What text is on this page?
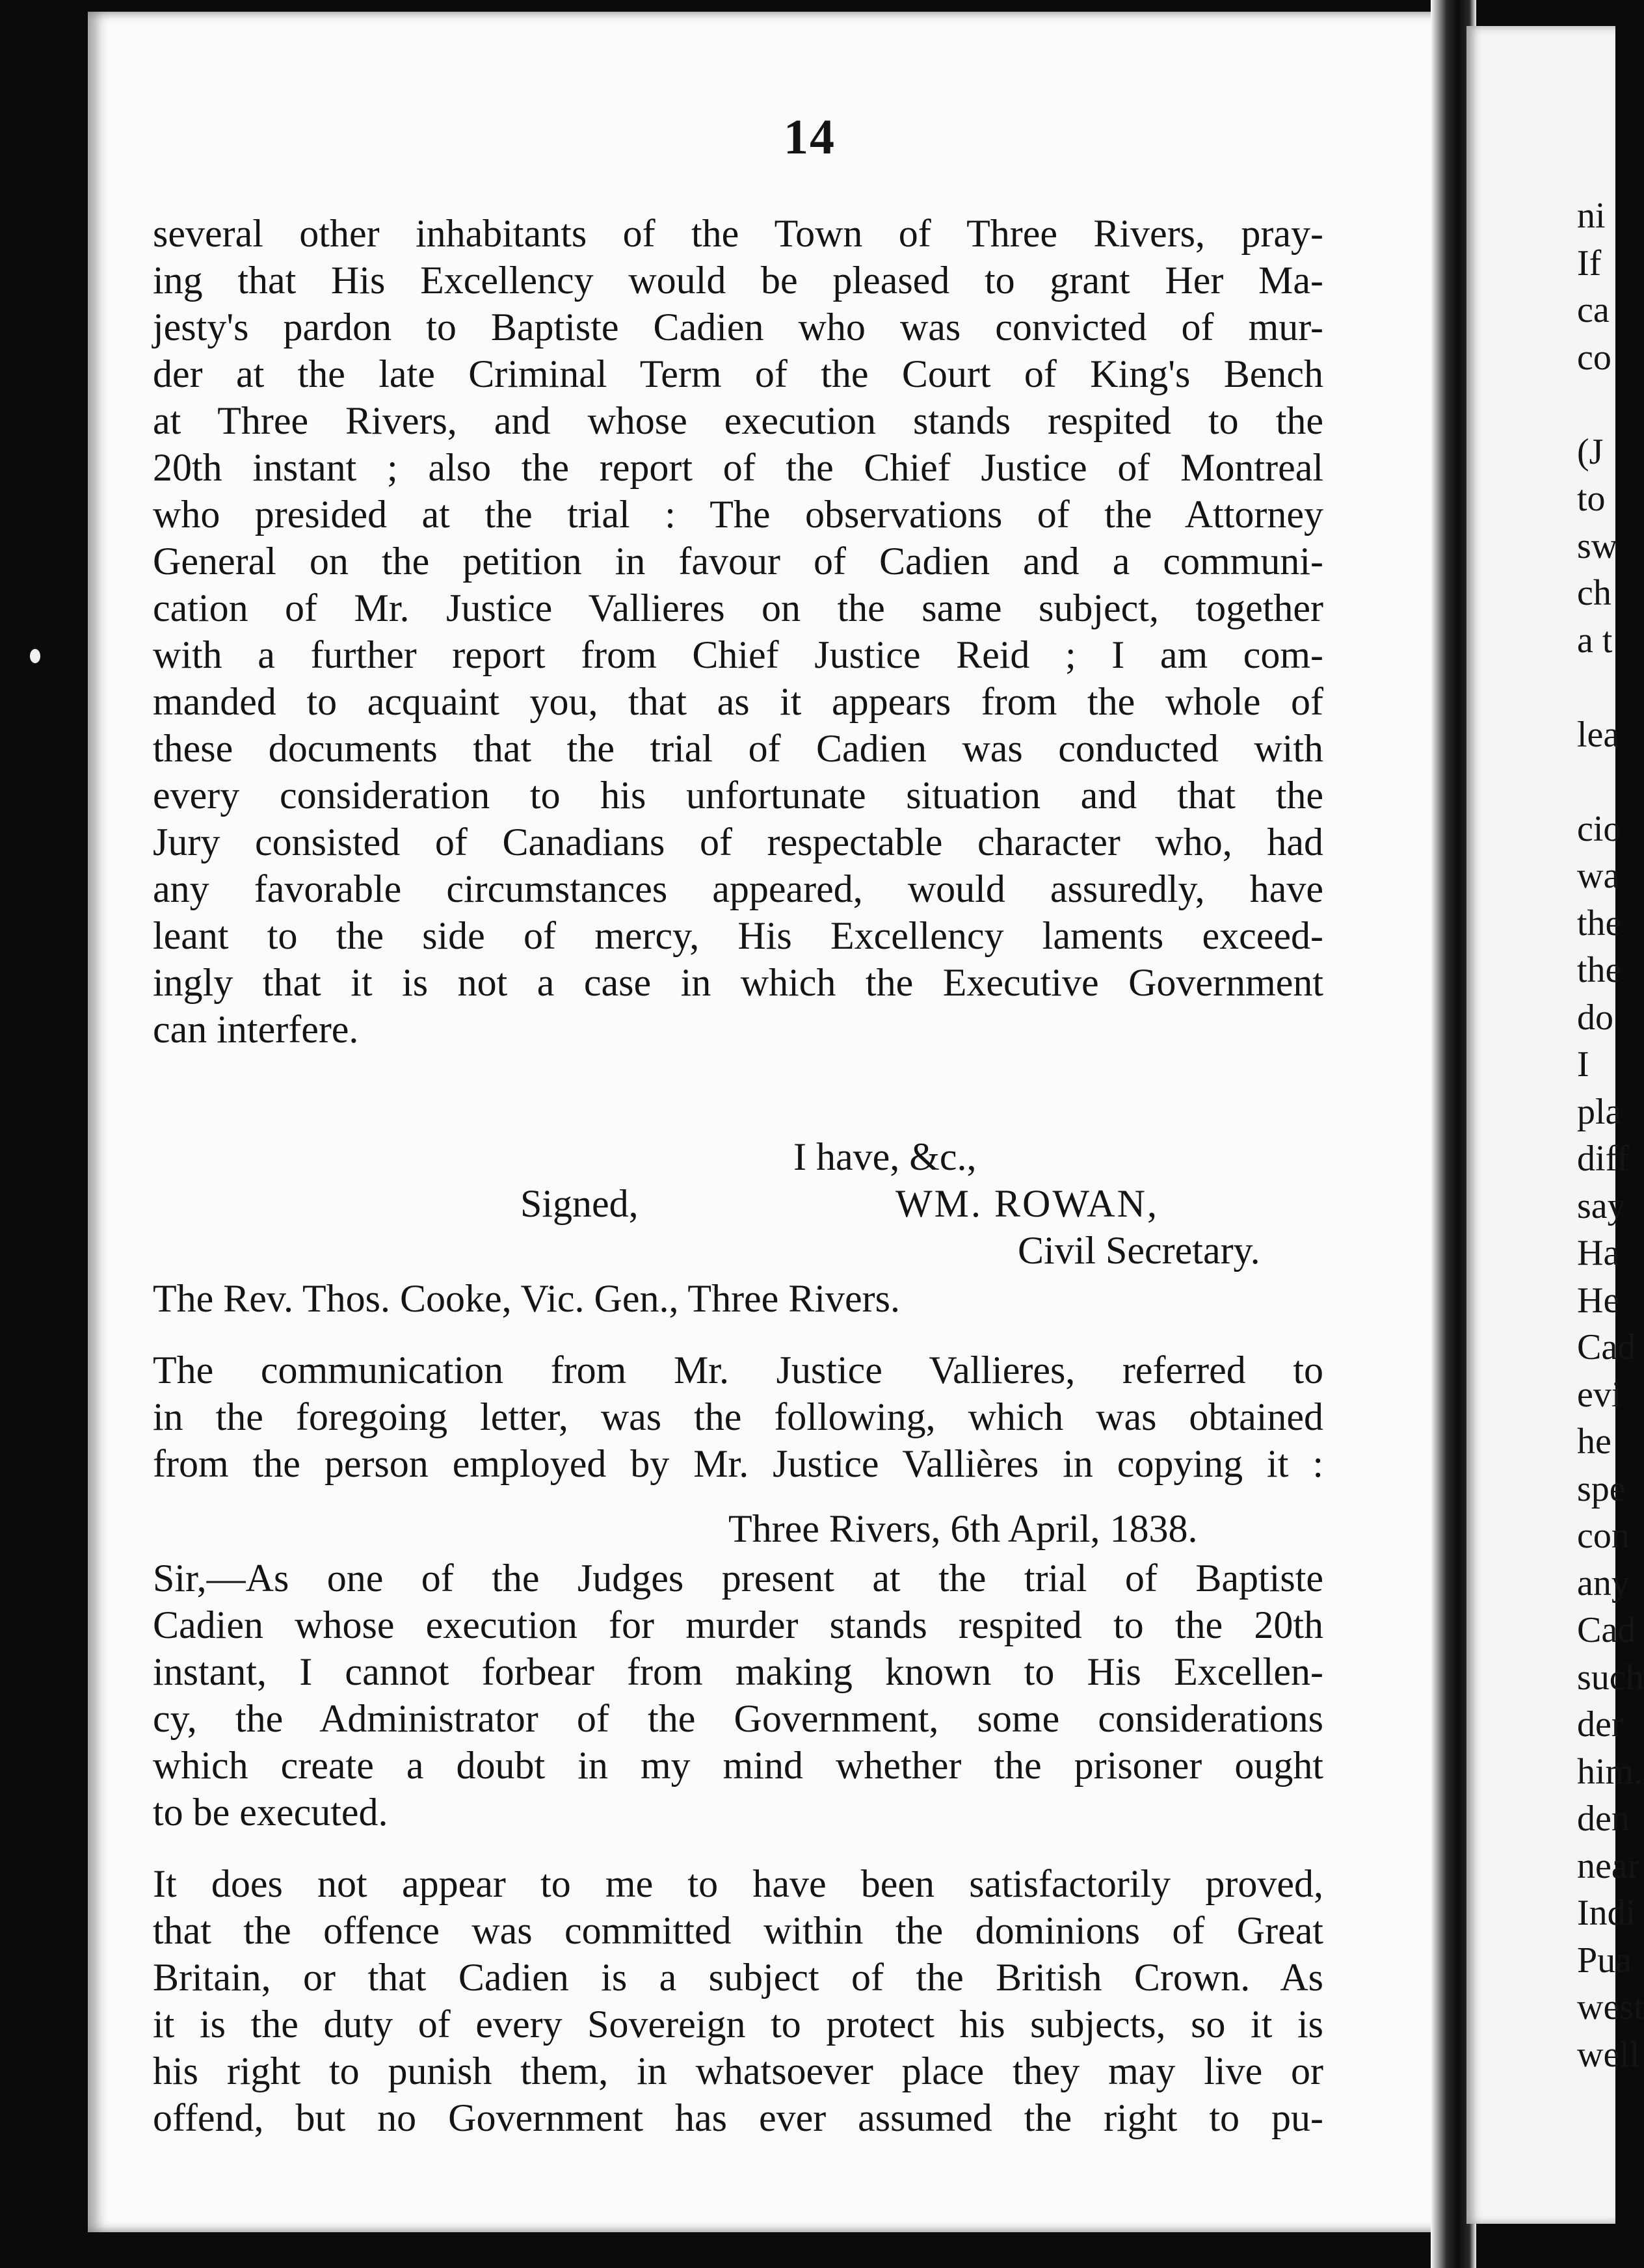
14
several other inhabitants of the Town of Three Rivers, pray-
ing that His Excellency would be pleased to grant Her Ma-
jesty's pardon to Baptiste Cadien who was convicted of mur-
der at the late Criminal Term of the Court of King's Bench
at Three Rivers, and whose execution stands respited to the
20th instant ; also the report of the Chief Justice of Montreal
who presided at the trial : The observations of the Attorney
General on the petition in favour of Cadien and a communi-
cation of Mr. Justice Vallieres on the same subject, together
with a further report from Chief Justice Reid ; I am com-
manded to acquaint you, that as it appears from the whole of
these documents that the trial of Cadien was conducted with
every consideration to his unfortunate situation and that the
Jury consisted of Canadians of respectable character who, had
any favorable circumstances appeared, would assuredly, have
leant to the side of mercy, His Excellency laments exceed-
ingly that it is not a case in which the Executive Government
can interfere.
I have, &c.,
Signed,	WM. ROWAN,
Civil Secretary.
The Rev. Thos. Cooke, Vic. Gen., Three Rivers.
The communication from Mr. Justice Vallieres, referred to
in the foregoing letter, was the following, which was obtained
from the person employed by Mr. Justice Vallières in copying it :
Three Rivers, 6th April, 1838.
Sir,—As one of the Judges present at the trial of Baptiste
Cadien whose execution for murder stands respited to the 20th
instant, I cannot forbear from making known to His Excellen-
cy, the Administrator of the Government, some considerations
which create a doubt in my mind whether the prisoner ought
to be executed.
It does not appear to me to have been satisfactorily proved,
that the offence was committed within the dominions of Great
Britain, or that Cadien is a subject of the British Crown. As
it is the duty of every Sovereign to protect his subjects, so it is
his right to punish them, in whatsoever place they may live or
offend, but no Government has ever assumed the right to pu-
ni
If
ca
co
(J
to
sw
ch
a t
lea
cio
wa
the
the
do
I
pla
diff
say
Ha
He
Cad
evi
he
spe
con
any
Cad
such
der
him.
den
near
Indi
Pua
west
well
